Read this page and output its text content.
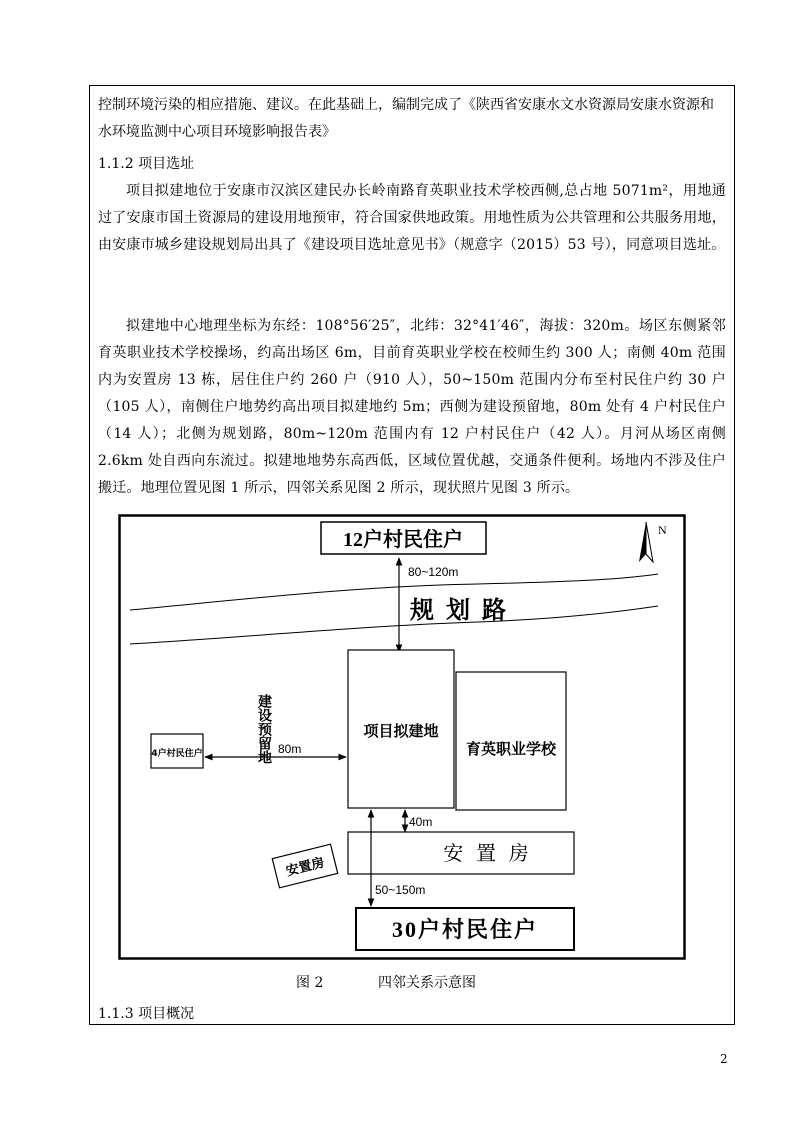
控制环境污染的相应措施、建议。在此基础上，编制完成了《陕西省安康水文水资源局安康水资源和水环境监测中心项目环境影响报告表》
1.1.2 项目选址
项目拟建地位于安康市汉滨区建民办长岭南路育英职业技术学校西侧,总占地 5071m²，用地通过了安康市国土资源局的建设用地预审，符合国家供地政策。用地性质为公共管理和公共服务用地，由安康市城乡建设规划局出具了《建设项目选址意见书》（规意字（2015）53 号），同意项目选址。
拟建地中心地理坐标为东经：108°56′25″，北纬：32°41′46″，海拔：320m。场区东侧紧邻育英职业技术学校操场，约高出场区 6m，目前育英职业学校在校师生约 300 人；南侧 40m 范围内为安置房 13 栋，居住住户约 260 户（910 人），50~150m 范围内分布至村民住户约 30 户（105 人），南侧住户地势约高出项目拟建地约 5m；西侧为建设预留地，80m 处有 4 户村民住户（14 人）；北侧为规划路，80m~120m 范围内有 12 户村民住户（42 人）。月河从场区南侧 2.6km 处自西向东流过。拟建地地势东高西低，区域位置优越，交通条件便利。场地内不涉及住户搬迁。地理位置见图 1 所示，四邻关系见图 2 所示，现状照片见图 3 所示。
1.1.3 项目概况
12户村民住户	N
规  划  路
80~120m
项目拟建地
育英职业学校
建设预留地
4户村民住户	80m
40m
安  置  房
安置房
50~150m
30户村民住户
图 2	四邻关系示意图
2
